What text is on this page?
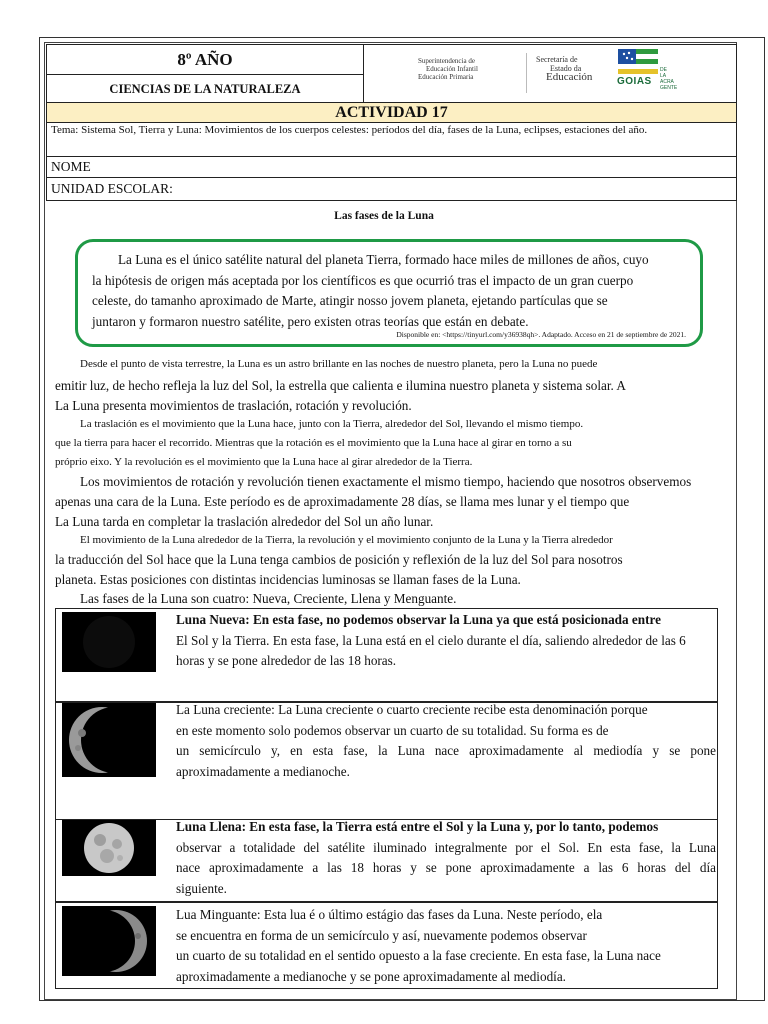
8º AÑO
CIENCIAS DE LA NATURALEZA
Superintendencia de
Educación Infantil
Educación Primaria
Secretaría de
Estado da
Educación GOIAS
DE
LA
ACRA
GENTE
ACTIVIDAD 17
Tema: Sistema Sol, Tierra y Luna: Movimientos de los cuerpos celestes: períodos del día, fases de la Luna, eclipses, estaciones del año.
NOME
UNIDAD ESCOLAR:
Las fases de la Luna
La Luna es el único satélite natural del planeta Tierra, formado hace miles de millones de años, cuyo
la hipótesis de origen más aceptada por los científicos es que ocurrió tras el impacto de un gran cuerpo
celeste, do tamanho aproximado de Marte, atingir nosso jovem planeta, ejetando partículas que se
juntaron y formaron nuestro satélite, pero existen otras teorías que están en debate.
Disponible en: <https://tinyurl.com/y36938qh>. Adaptado. Acceso en 21 de septiembre de 2021.
Desde el punto de vista terrestre, la Luna es un astro brillante en las noches de nuestro planeta, pero la Luna no puede
emitir luz, de hecho refleja la luz del Sol, la estrella que calienta e ilumina nuestro planeta y sistema solar. A
La Luna presenta movimientos de traslación, rotación y revolución.
La traslación es el movimiento que la Luna hace, junto con la Tierra, alrededor del Sol, llevando el mismo tiempo.
que la tierra para hacer el recorrido. Mientras que la rotación es el movimiento que la Luna hace al girar en torno a su
próprio eixo. Y la revolución es el movimiento que la Luna hace al girar alrededor de la Tierra.
Los movimientos de rotación y revolución tienen exactamente el mismo tiempo, haciendo que nosotros observemos
apenas una cara de la Luna. Este período es de aproximadamente 28 días, se llama mes lunar y el tiempo que
La Luna tarda en completar la traslación alrededor del Sol un año lunar.
El movimiento de la Luna alrededor de la Tierra, la revolución y el movimiento conjunto de la Luna y la Tierra alrededor
la traducción del Sol hace que la Luna tenga cambios de posición y reflexión de la luz del Sol para nosotros
planeta. Estas posiciones con distintas incidencias luminosas se llaman fases de la Luna.
Las fases de la Luna son cuatro: Nueva, Creciente, Llena y Menguante.
Luna Nueva: En esta fase, no podemos observar la Luna ya que está posicionada entre
El Sol y la Tierra. En esta fase, la Luna está en el cielo durante el día, saliendo alrededor de las 6
horas y se pone alrededor de las 18 horas.
La Luna creciente: La Luna creciente o cuarto creciente recibe esta denominación porque
en este momento solo podemos observar un cuarto de su totalidad. Su forma es de
un semicírculo y, en esta fase, la Luna nace aproximadamente al mediodía y se pone
aproximadamente a medianoche.
Luna Llena: En esta fase, la Tierra está entre el Sol y la Luna y, por lo tanto, podemos
observar a totalidade del satélite iluminado integralmente por el Sol. En esta fase, la Luna
nace aproximadamente a las 18 horas y se pone aproximadamente a las 6 horas del día
siguiente.
Lua Minguante: Esta lua é o último estágio das fases da Luna. Neste período, ela
se encuentra en forma de un semicírculo y así, nuevamente podemos observar
un cuarto de su totalidad en el sentido opuesto a la fase creciente. En esta fase, la Luna nace
aproximadamente a medianoche y se pone aproximadamente al mediodía.
